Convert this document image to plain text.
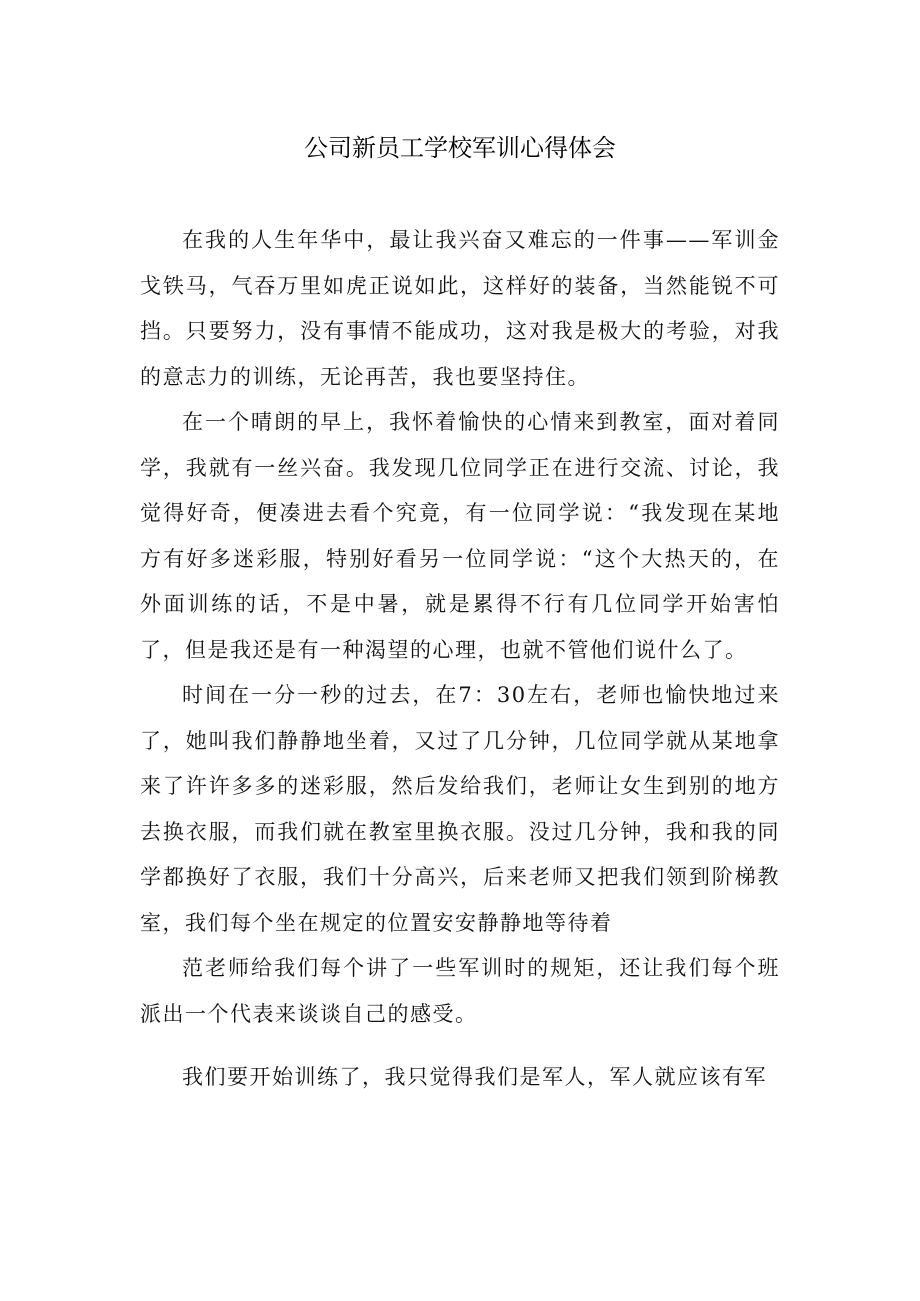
公司新员工学校军训心得体会

在我的人生年华中，最让我兴奋又难忘的一件事——军训金戈铁马，气吞万里如虎正说如此，这样好的装备，当然能锐不可挡。只要努力，没有事情不能成功，这对我是极大的考验，对我的意志力的训练，无论再苦，我也要坚持住。

在一个晴朗的早上，我怀着愉快的心情来到教室，面对着同学，我就有一丝兴奋。我发现几位同学正在进行交流、讨论，我觉得好奇，便凑进去看个究竟，有一位同学说：“我发现在某地方有好多迷彩服，特别好看另一位同学说：“这个大热天的，在外面训练的话，不是中暑，就是累得不行有几位同学开始害怕了，但是我还是有一种渴望的心理，也就不管他们说什么了。

时间在一分一秒的过去，在7：30左右，老师也愉快地过来了，她叫我们静静地坐着，又过了几分钟，几位同学就从某地拿来了许许多多的迷彩服，然后发给我们，老师让女生到别的地方去换衣服，而我们就在教室里换衣服。没过几分钟，我和我的同学都换好了衣服，我们十分高兴，后来老师又把我们领到阶梯教室，我们每个坐在规定的位置安安静静地等待着

范老师给我们每个讲了一些军训时的规矩，还让我们每个班派出一个代表来谈谈自己的感受。

我们要开始训练了，我只觉得我们是军人，军人就应该有军
